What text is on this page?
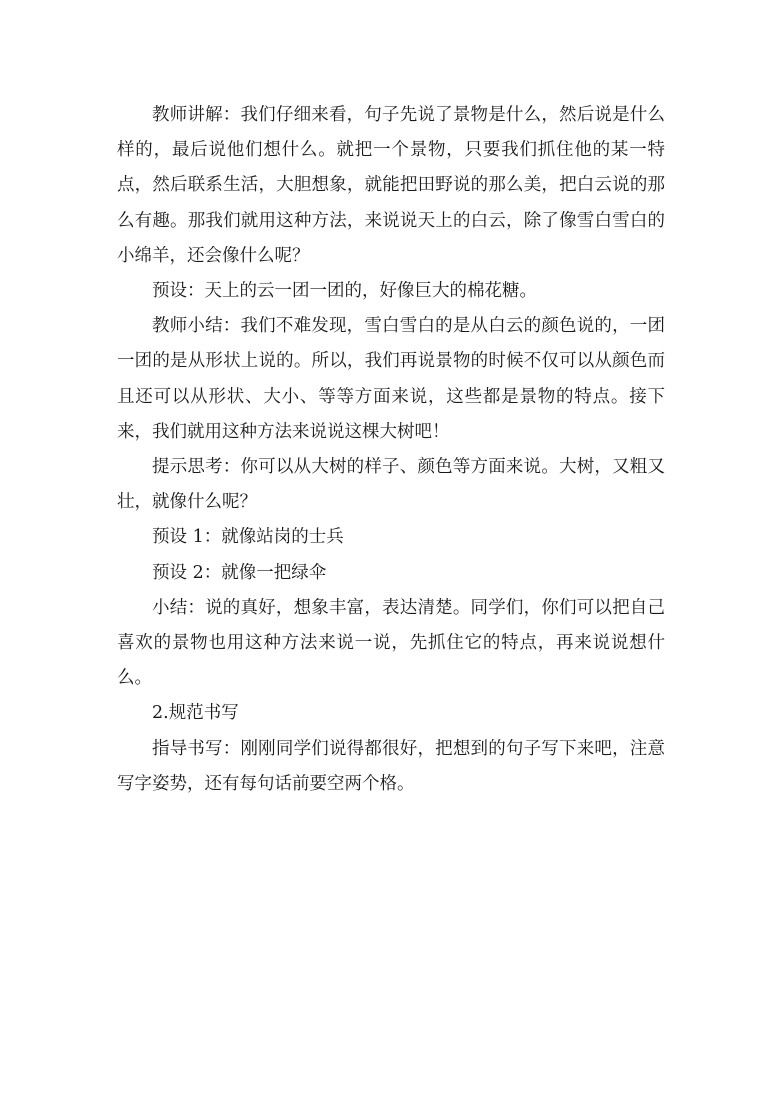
教师讲解：我们仔细来看，句子先说了景物是什么，然后说是什么样的，最后说他们想什么。就把一个景物，只要我们抓住他的某一特点，然后联系生活，大胆想象，就能把田野说的那么美，把白云说的那么有趣。那我们就用这种方法，来说说天上的白云，除了像雪白雪白的小绵羊，还会像什么呢？

预设：天上的云一团一团的，好像巨大的棉花糖。

教师小结：我们不难发现，雪白雪白的是从白云的颜色说的，一团一团的是从形状上说的。所以，我们再说景物的时候不仅可以从颜色而且还可以从形状、大小、等等方面来说，这些都是景物的特点。接下来，我们就用这种方法来说说这棵大树吧！

提示思考：你可以从大树的样子、颜色等方面来说。大树，又粗又壮，就像什么呢？

预设 1：就像站岗的士兵

预设 2：就像一把绿伞

小结：说的真好，想象丰富，表达清楚。同学们，你们可以把自己喜欢的景物也用这种方法来说一说，先抓住它的特点，再来说说想什么。

2.规范书写

指导书写：刚刚同学们说得都很好，把想到的句子写下来吧，注意写字姿势，还有每句话前要空两个格。
